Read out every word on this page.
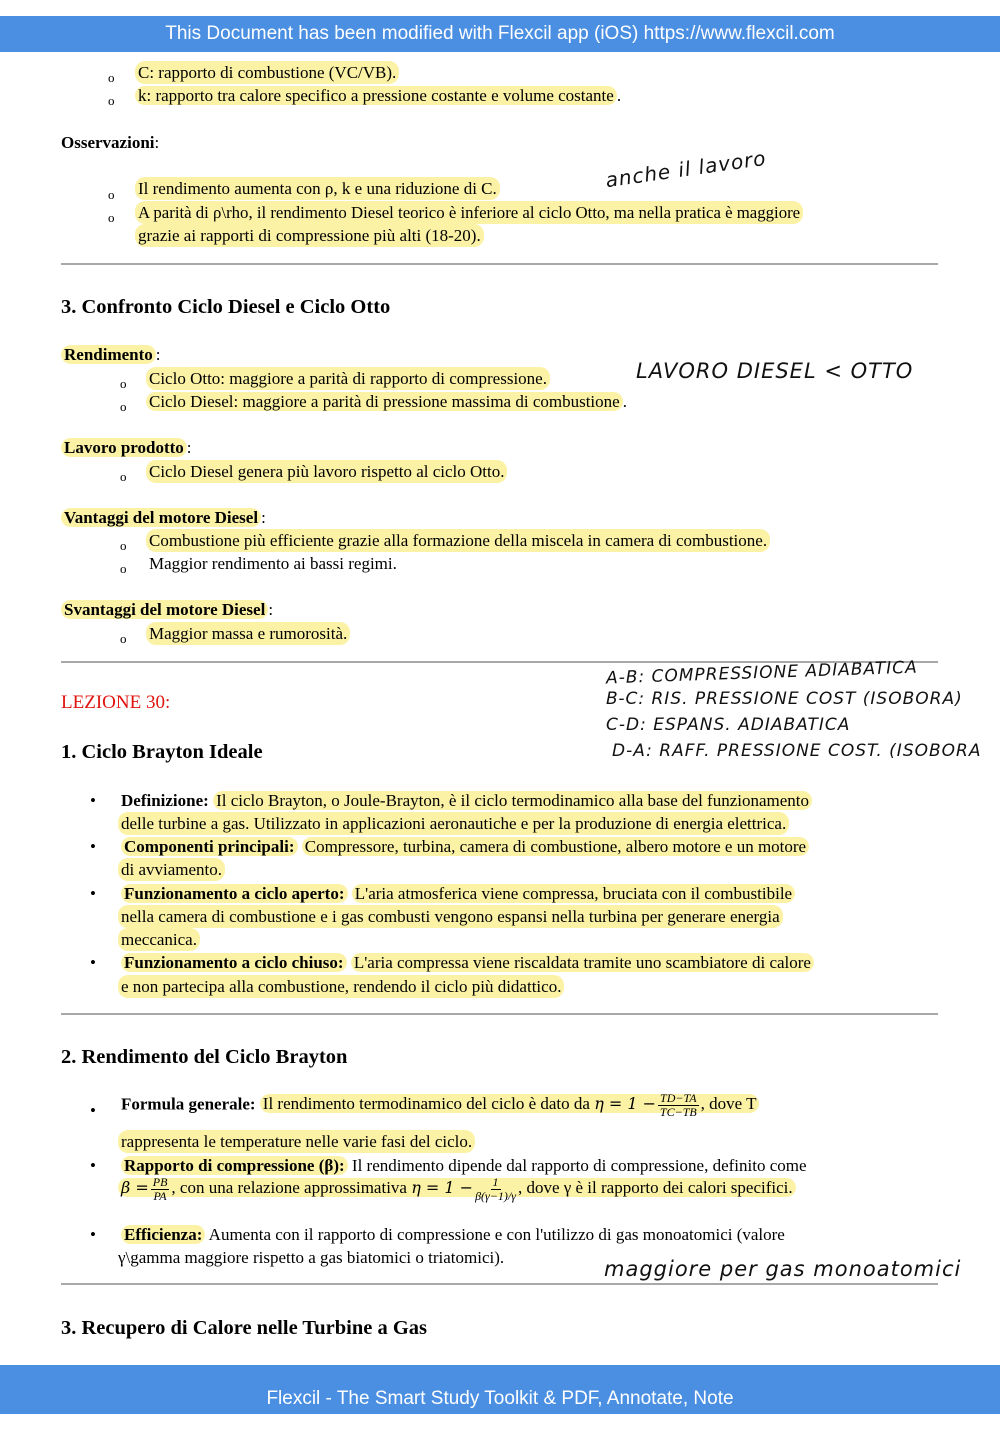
This Document has been modified with Flexcil app (iOS) https://www.flexcil.com
o C: rapporto di combustione (VC/VB).
o k: rapporto tra calore specifico a pressione costante e volume costante .
Osservazioni:
o Il rendimento aumenta con ρ, k e una riduzione di C.
o A parità di ρ\rho, il rendimento Diesel teorico è inferiore al ciclo Otto, ma nella pratica è maggiore
grazie ai rapporti di compressione più alti (18-20).
anche il lavoro
3. Confronto Ciclo Diesel e Ciclo Otto
Rendimento :
o Ciclo Otto: maggiore a parità di rapporto di compressione.
o Ciclo Diesel: maggiore a parità di pressione massima di combustione .
LAVORO DIESEL < OTTO
Lavoro prodotto :
o Ciclo Diesel genera più lavoro rispetto al ciclo Otto.
Vantaggi del motore Diesel :
o Combustione più efficiente grazie alla formazione della miscela in camera di combustione.
o Maggior rendimento ai bassi regimi.
Svantaggi del motore Diesel :
o Maggior massa e rumorosità.
LEZIONE 30:
1. Ciclo Brayton Ideale
A-B: COMPRESSIONE ADIABATICA
B-C: RIS. PRESSIONE COST (ISOBORA)
C-D: ESPANS. ADIABATICA
D-A: RAFF. PRESSIONE COST. (ISOBORA
• Definizione: Il ciclo Brayton, o Joule-Brayton, è il ciclo termodinamico alla base del funzionamento
delle turbine a gas. Utilizzato in applicazioni aeronautiche e per la produzione di energia elettrica.
• Componenti principali: Compressore, turbina, camera di combustione, albero motore e un motore
di avviamento.
• Funzionamento a ciclo aperto: L'aria atmosferica viene compressa, bruciata con il combustibile
nella camera di combustione e i gas combusti vengono espansi nella turbina per generare energia
meccanica.
• Funzionamento a ciclo chiuso: L'aria compressa viene riscaldata tramite uno scambiatore di calore
e non partecipa alla combustione, rendendo il ciclo più didattico.
2. Rendimento del Ciclo Brayton
• Formula generale: Il rendimento termodinamico del ciclo è dato da $\eta = 1 - \frac{TD-TA}{TC-TB}$ , dove T
rappresenta le temperature nelle varie fasi del ciclo.
• Rapporto di compressione (β): Il rendimento dipende dal rapporto di compressione, definito come
$\beta = \frac{PB}{PA}$ , con una relazione approssimativa $\eta = 1 - \frac{1}{\beta(\gamma-1)/\gamma}$ , dove γ è il rapporto dei calori specifici.
• Efficienza: Aumenta con il rapporto di compressione e con l'utilizzo di gas monoatomici (valore
γ\gamma maggiore rispetto a gas biatomici o triatomici).	maggiore per gas monoatomici
3. Recupero di Calore nelle Turbine a Gas
Flexcil - The Smart Study Toolkit & PDF, Annotate, Note
